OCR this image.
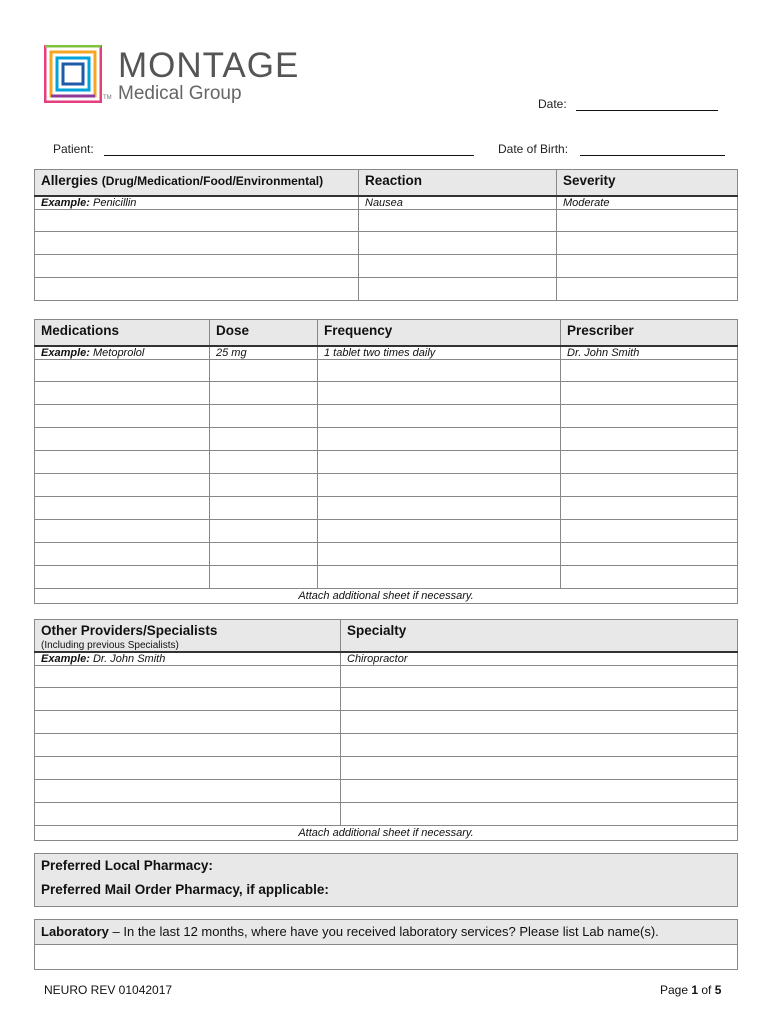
MONTAGE
Medical Group
TM	Date:
Patient:	Date of Birth:
Allergies (Drug/Medication/Food/Environmental)	Reaction	Severity
Example: Penicillin	Nausea	Moderate

Medications	Dose	Frequency	Prescriber
Example: Metoprolol	25 mg	1 tablet two times daily	Dr. John Smith

Attach additional sheet if necessary.			
Other Providers/Specialists
(Including previous Specialists)	Specialty
Example: Dr. John Smith	Chiropractor

Attach additional sheet if necessary.	
Preferred Local Pharmacy:
Preferred Mail Order Pharmacy, if applicable:
Laboratory – In the last 12 months, where have you received laboratory services? Please list Lab name(s).
NEURO REV 01042017	Page 1 of 5
